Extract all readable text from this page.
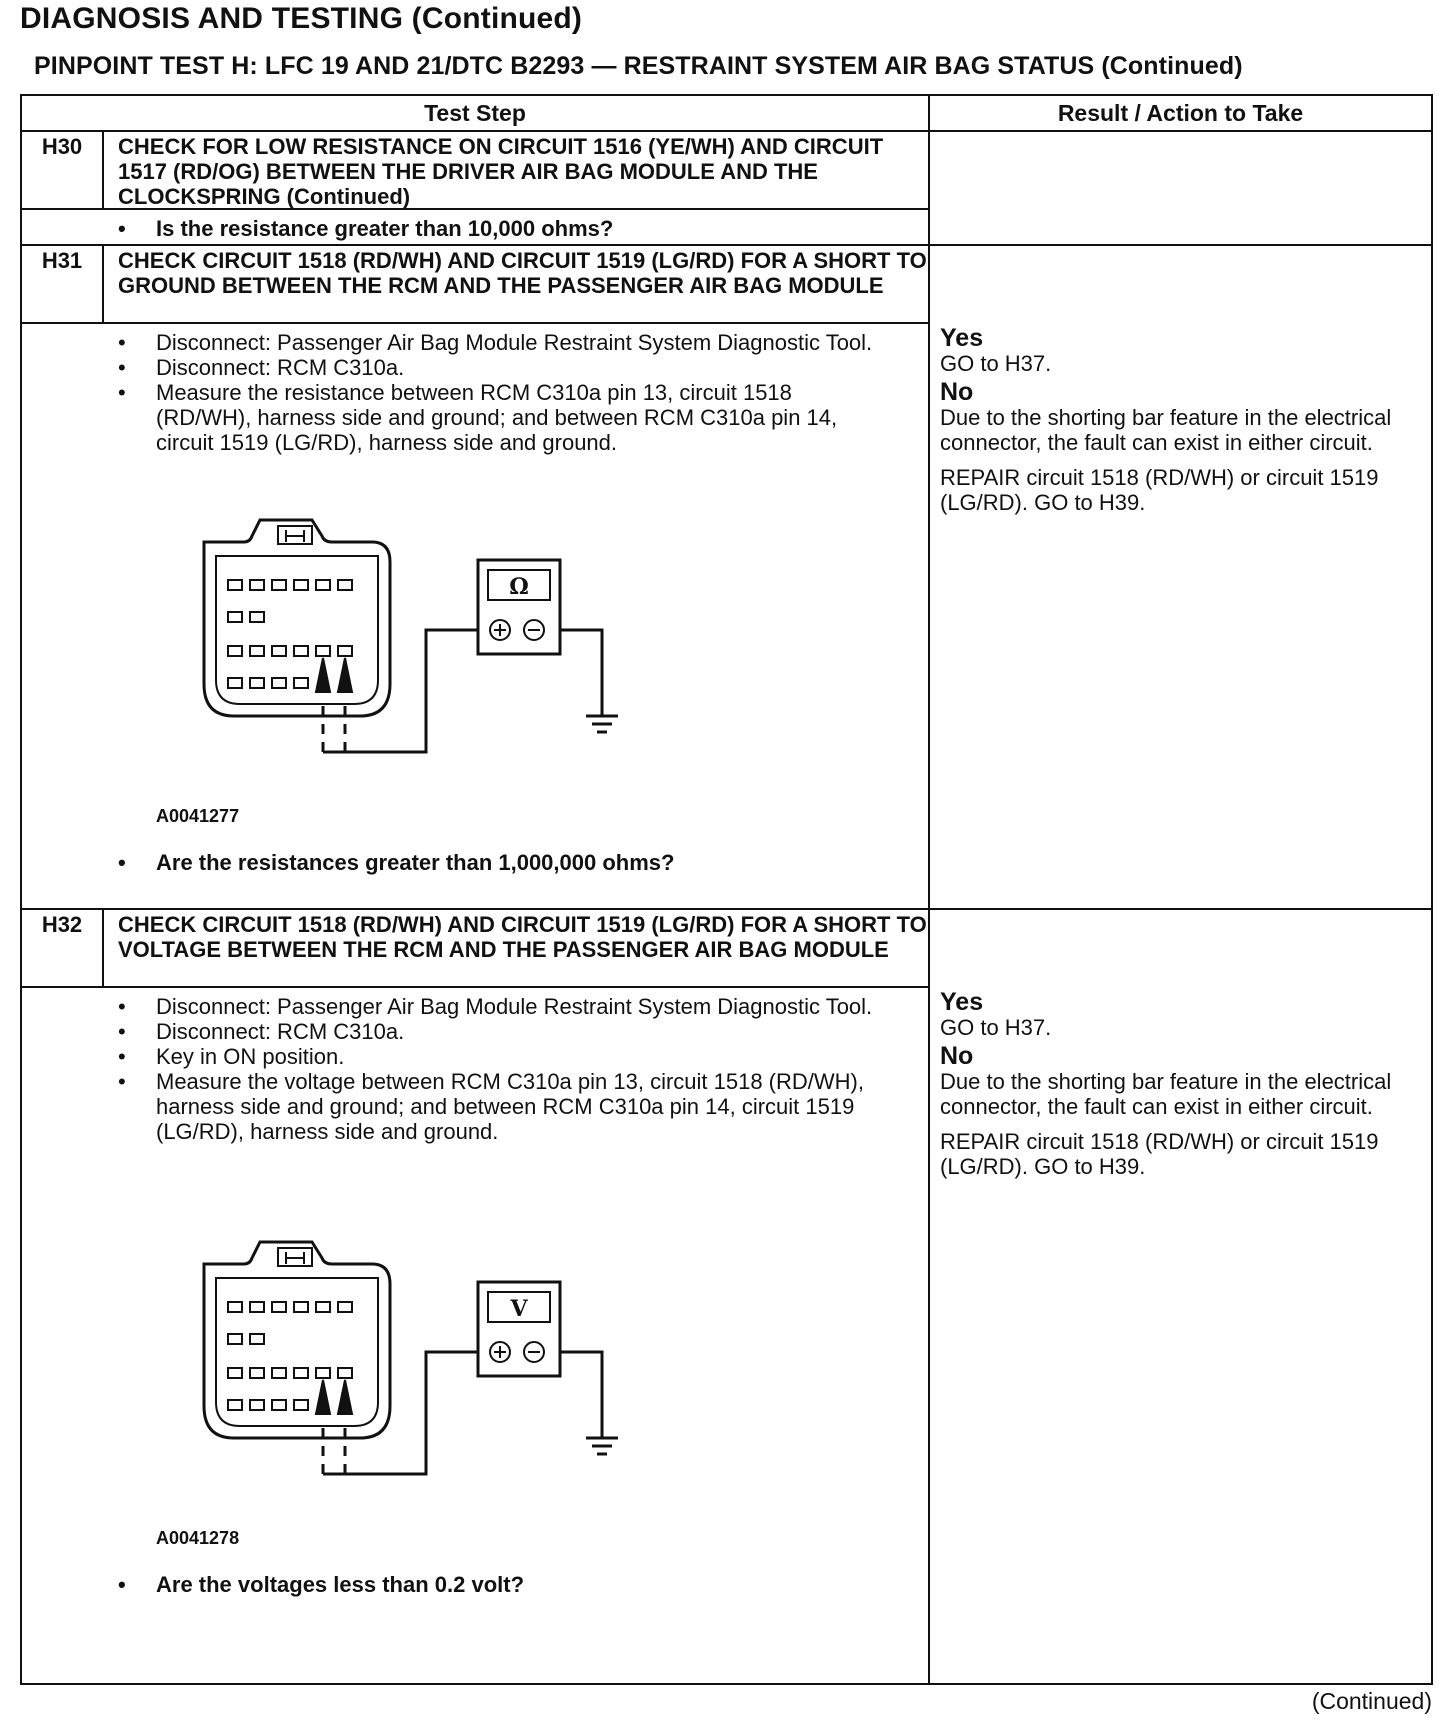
DIAGNOSIS AND TESTING (Continued)
PINPOINT TEST H: LFC 19 AND 21/DTC B2293 — RESTRAINT SYSTEM AIR BAG STATUS (Continued)
Test Step	Result / Action to Take
H30	CHECK FOR LOW RESISTANCE ON CIRCUIT 1516 (YE/WH) AND CIRCUIT 1517 (RD/OG) BETWEEN THE DRIVER AIR BAG MODULE AND THE CLOCKSPRING (Continued)
• Is the resistance greater than 10,000 ohms?
H31	CHECK CIRCUIT 1518 (RD/WH) AND CIRCUIT 1519 (LG/RD) FOR A SHORT TO GROUND BETWEEN THE RCM AND THE PASSENGER AIR BAG MODULE
•	Disconnect: Passenger Air Bag Module Restraint System Diagnostic Tool.
•	Disconnect: RCM C310a.
•	Measure the resistance between RCM C310a pin 13, circuit 1518 (RD/WH), harness side and ground; and between RCM C310a pin 14, circuit 1519 (LG/RD), harness side and ground.
Ω
A0041277
• Are the resistances greater than 1,000,000 ohms?

Yes

GO to H37.

No

Due to the shorting bar feature in the electrical connector, the fault can exist in either circuit.

REPAIR circuit 1518 (RD/WH) or circuit 1519 (LG/RD). GO to H39.

H32	CHECK CIRCUIT 1518 (RD/WH) AND CIRCUIT 1519 (LG/RD) FOR A SHORT TO VOLTAGE BETWEEN THE RCM AND THE PASSENGER AIR BAG MODULE
•	Disconnect: Passenger Air Bag Module Restraint System Diagnostic Tool.
•	Disconnect: RCM C310a.
•	Key in ON position.
•	Measure the voltage between RCM C310a pin 13, circuit 1518 (RD/WH), harness side and ground; and between RCM C310a pin 14, circuit 1519 (LG/RD), harness side and ground.
V
A0041278
• Are the voltages less than 0.2 volt?

Yes

GO to H37.

No

Due to the shorting bar feature in the electrical connector, the fault can exist in either circuit.

REPAIR circuit 1518 (RD/WH) or circuit 1519 (LG/RD). GO to H39.

(Continued)
